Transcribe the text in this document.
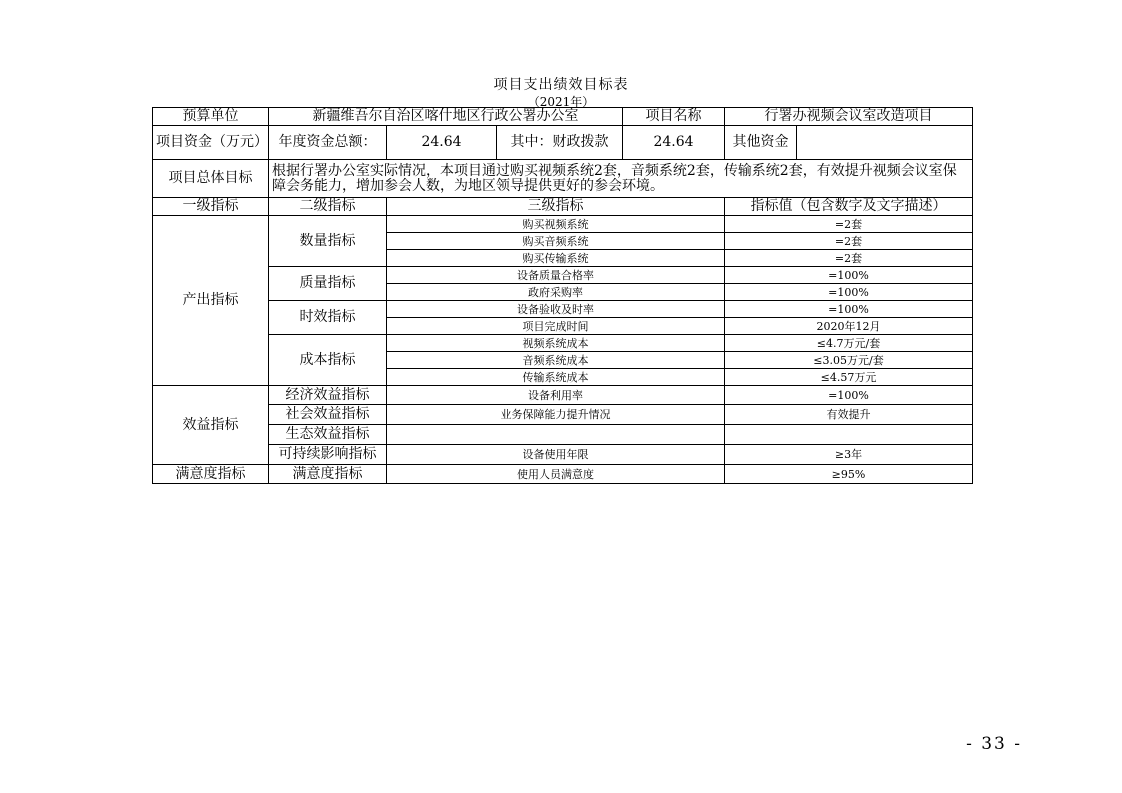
项目支出绩效目标表
（2021年）
预算单位	新疆维吾尔自治区喀什地区行政公署办公室			项目名称	行署办视频会议室改造项目	
项目资金（万元）	年度资金总额：	24.64	其中：财政拨款	24.64	其他资金	
项目总体目标	根据行署办公室实际情况，本项目通过购买视频系统2套，音频系统2套，传输系统2套，有效提升视频会议室保障会务能力，增加参会人数，为地区领导提供更好的参会环境。					
一级指标	二级指标	三级指标			指标值（包含数字及文字描述）	
产出指标	数量指标	购买视频系统			=2套	
		购买音频系统			=2套	
		购买传输系统			=2套	
	质量指标	设备质量合格率			=100%	
		政府采购率			=100%	
	时效指标	设备验收及时率			=100%	
		项目完成时间			2020年12月	
	成本指标	视频系统成本			≤4.7万元/套	
		音频系统成本			≤3.05万元/套	
		传输系统成本			≤4.57万元	
效益指标	经济效益指标	设备利用率			=100%	
	社会效益指标	业务保障能力提升情况			有效提升	
	生态效益指标					
	可持续影响指标	设备使用年限			≥3年	
满意度指标	满意度指标	使用人员满意度			≥95%	
- 33 -
